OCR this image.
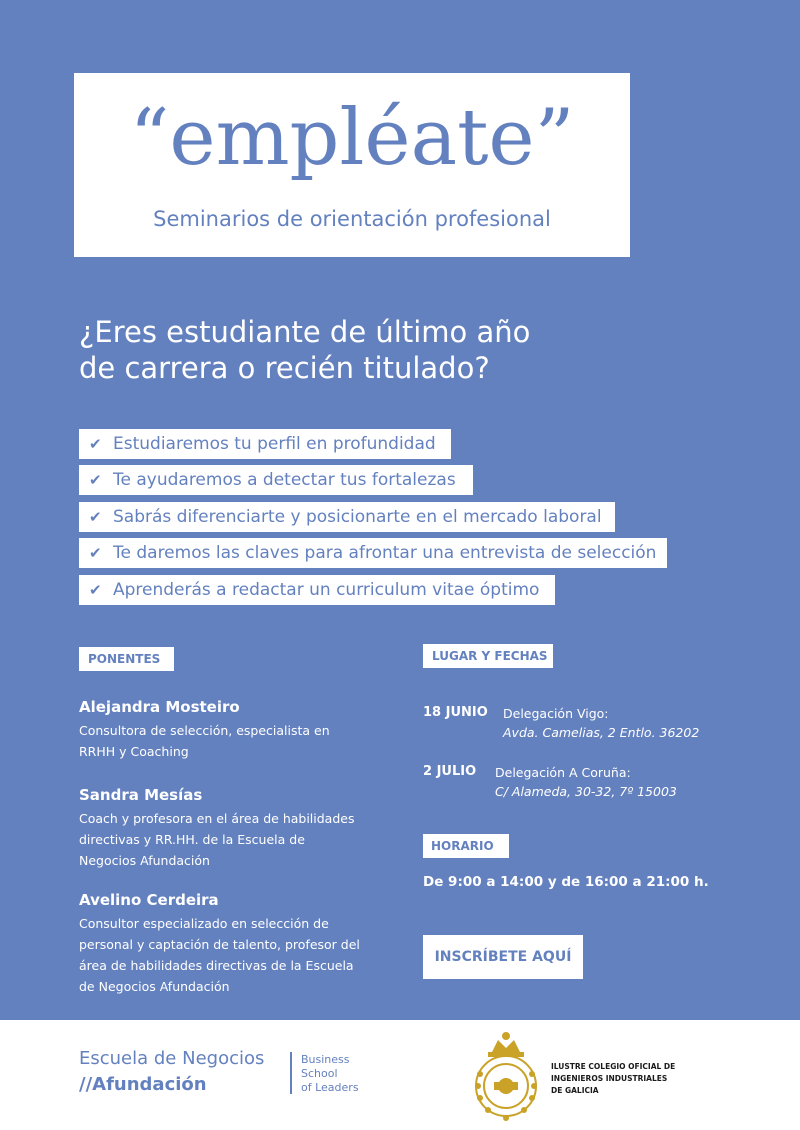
“empléate”
Seminarios de orientación profesional
¿Eres estudiante de último año
de carrera o recién titulado?
✔ Estudiaremos tu perfil en profundidad
✔ Te ayudaremos a detectar tus fortalezas
✔ Sabrás diferenciarte y posicionarte en el mercado laboral
✔ Te daremos las claves para afrontar una entrevista de selección
✔ Aprenderás a redactar un curriculum vitae óptimo
PONENTES
Alejandra Mosteiro
Consultora de selección, especialista en
RRHH y Coaching
Sandra Mesías
Coach y profesora en el área de habilidades
directivas y RR.HH. de la Escuela de
Negocios Afundación
Avelino Cerdeira
Consultor especializado en selección de
personal y captación de talento, profesor del
área de habilidades directivas de la Escuela
de Negocios Afundación
LUGAR Y FECHAS
18 JUNIO Delegación Vigo:
Avda. Camelias, 2 Entlo. 36202
2 JULIO Delegación A Coruña:
C/ Alameda, 30-32, 7º 15003
HORARIO
De 9:00 a 14:00 y de 16:00 a 21:00 h.
INSCRÍBETE AQUÍ
Escuela de Negocios
//Afundación
Business
School
of Leaders
ILUSTRE COLEGIO OFICIAL DE
INGENIEROS INDUSTRIALES
DE GALICIA
